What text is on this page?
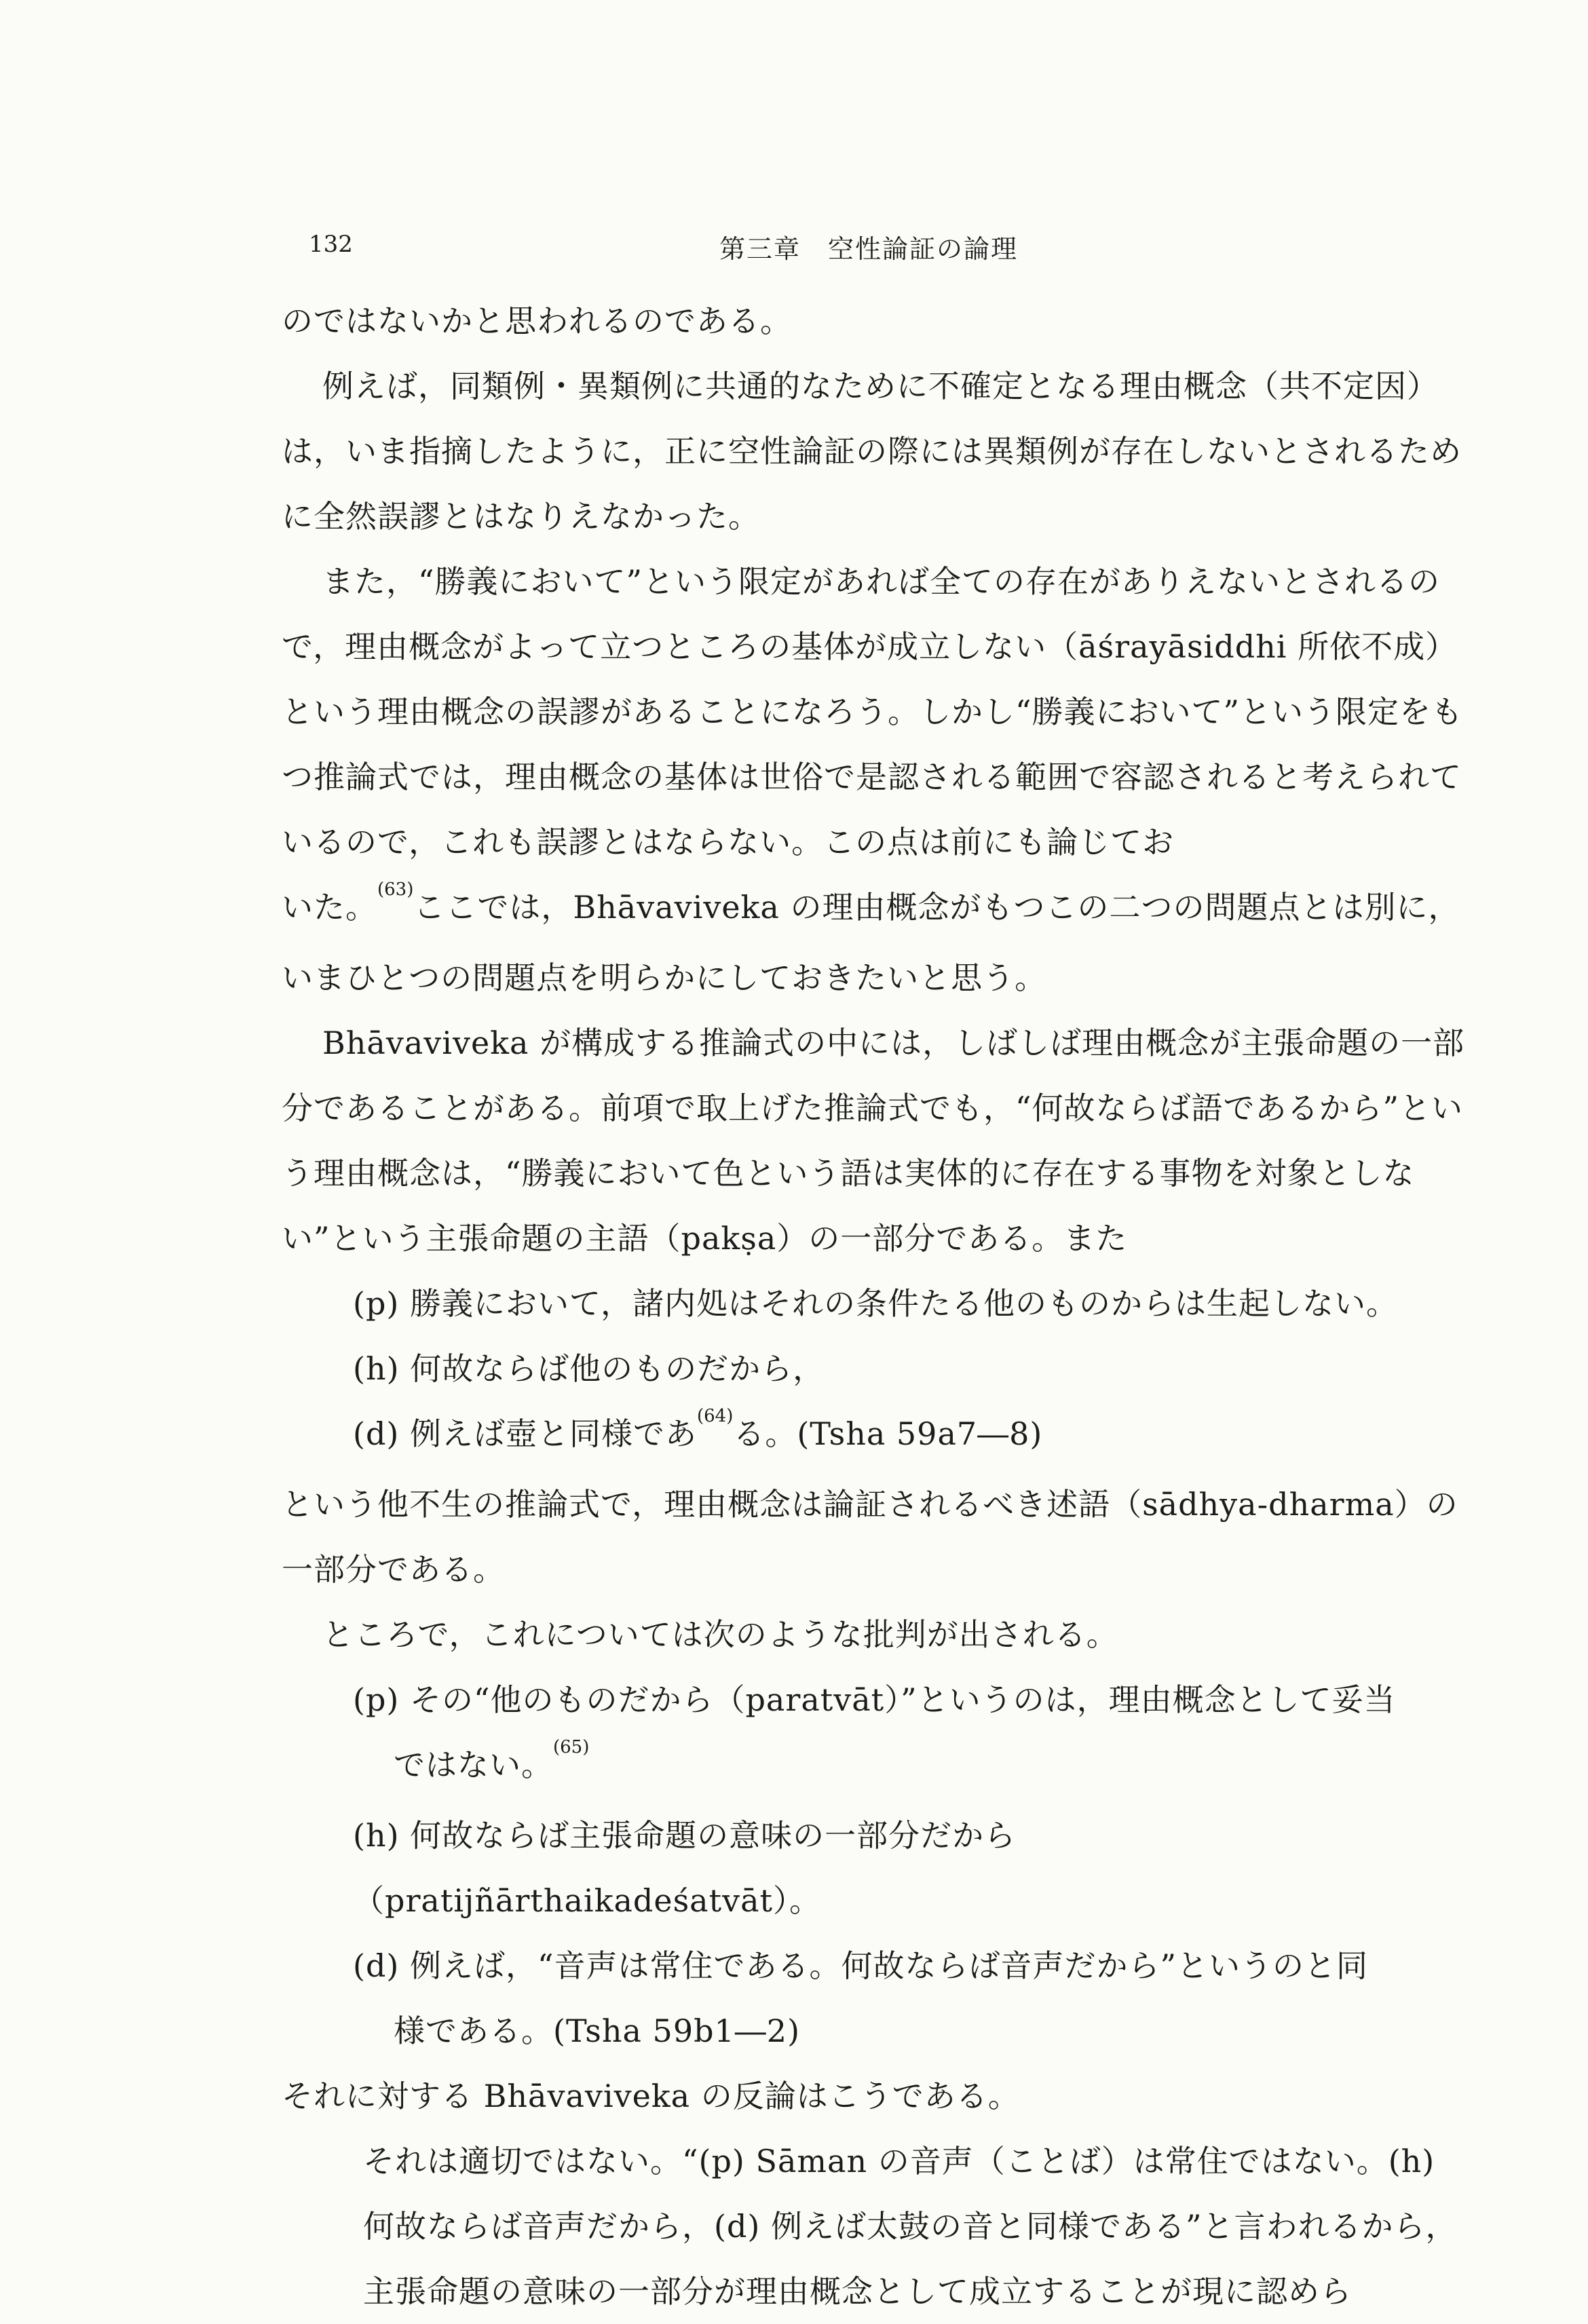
132	第三章　空性論証の論理

のではないかと思われるのである。

例えば，同類例・異類例に共通的なために不確定となる理由概念（共不定因）は，いま指摘したように，正に空性論証の際には異類例が存在しないとされるために全然誤謬とはなりえなかった。

また，“勝義において”という限定があれば全ての存在がありえないとされるので，理由概念がよって立つところの基体が成立しない（āśrayāsiddhi 所依不成）という理由概念の誤謬があることになろう。しかし“勝義において”という限定をもつ推論式では，理由概念の基体は世俗で是認される範囲で容認されると考えられているので，これも誤謬とはならない。この点は前にも論じてお

いた。$^{(63)}$ここでは，Bhāvaviveka の理由概念がもつこの二つの問題点とは別に，いまひとつの問題点を明らかにしておきたいと思う。

Bhāvaviveka が構成する推論式の中には，しばしば理由概念が主張命題の一部分であることがある。前項で取上げた推論式でも，“何故ならば語であるから”という理由概念は，“勝義において色という語は実体的に存在する事物を対象としない”という主張命題の主語（pakṣa）の一部分である。また

(p) 勝義において，諸内処はそれの条件たる他のものからは生起しない。

(h) 何故ならば他のものだから，

(d) 例えば壺と同様であ$^{(64)}$る。(Tsha 59a7―8)

という他不生の推論式で，理由概念は論証されるべき述語（sādhya-dharma）の一部分である。

ところで，これについては次のような批判が出される。

(p) その“他のものだから（paratvāt）”というのは，理由概念として妥当

ではない。$^{(65)}$

(h) 何故ならば主張命題の意味の一部分だから（pratijñārthaikadeśatvāt）。

(d) 例えば，“音声は常住である。何故ならば音声だから”というのと同

様である。(Tsha 59b1―2)

それに対する Bhāvaviveka の反論はこうである。

それは適切ではない。“(p) Sāman の音声（ことば）は常住ではない。(h) 何故ならば音声だから，(d) 例えば太鼓の音と同様である”と言われるから，主張命題の意味の一部分が理由概念として成立することが現に認めら
